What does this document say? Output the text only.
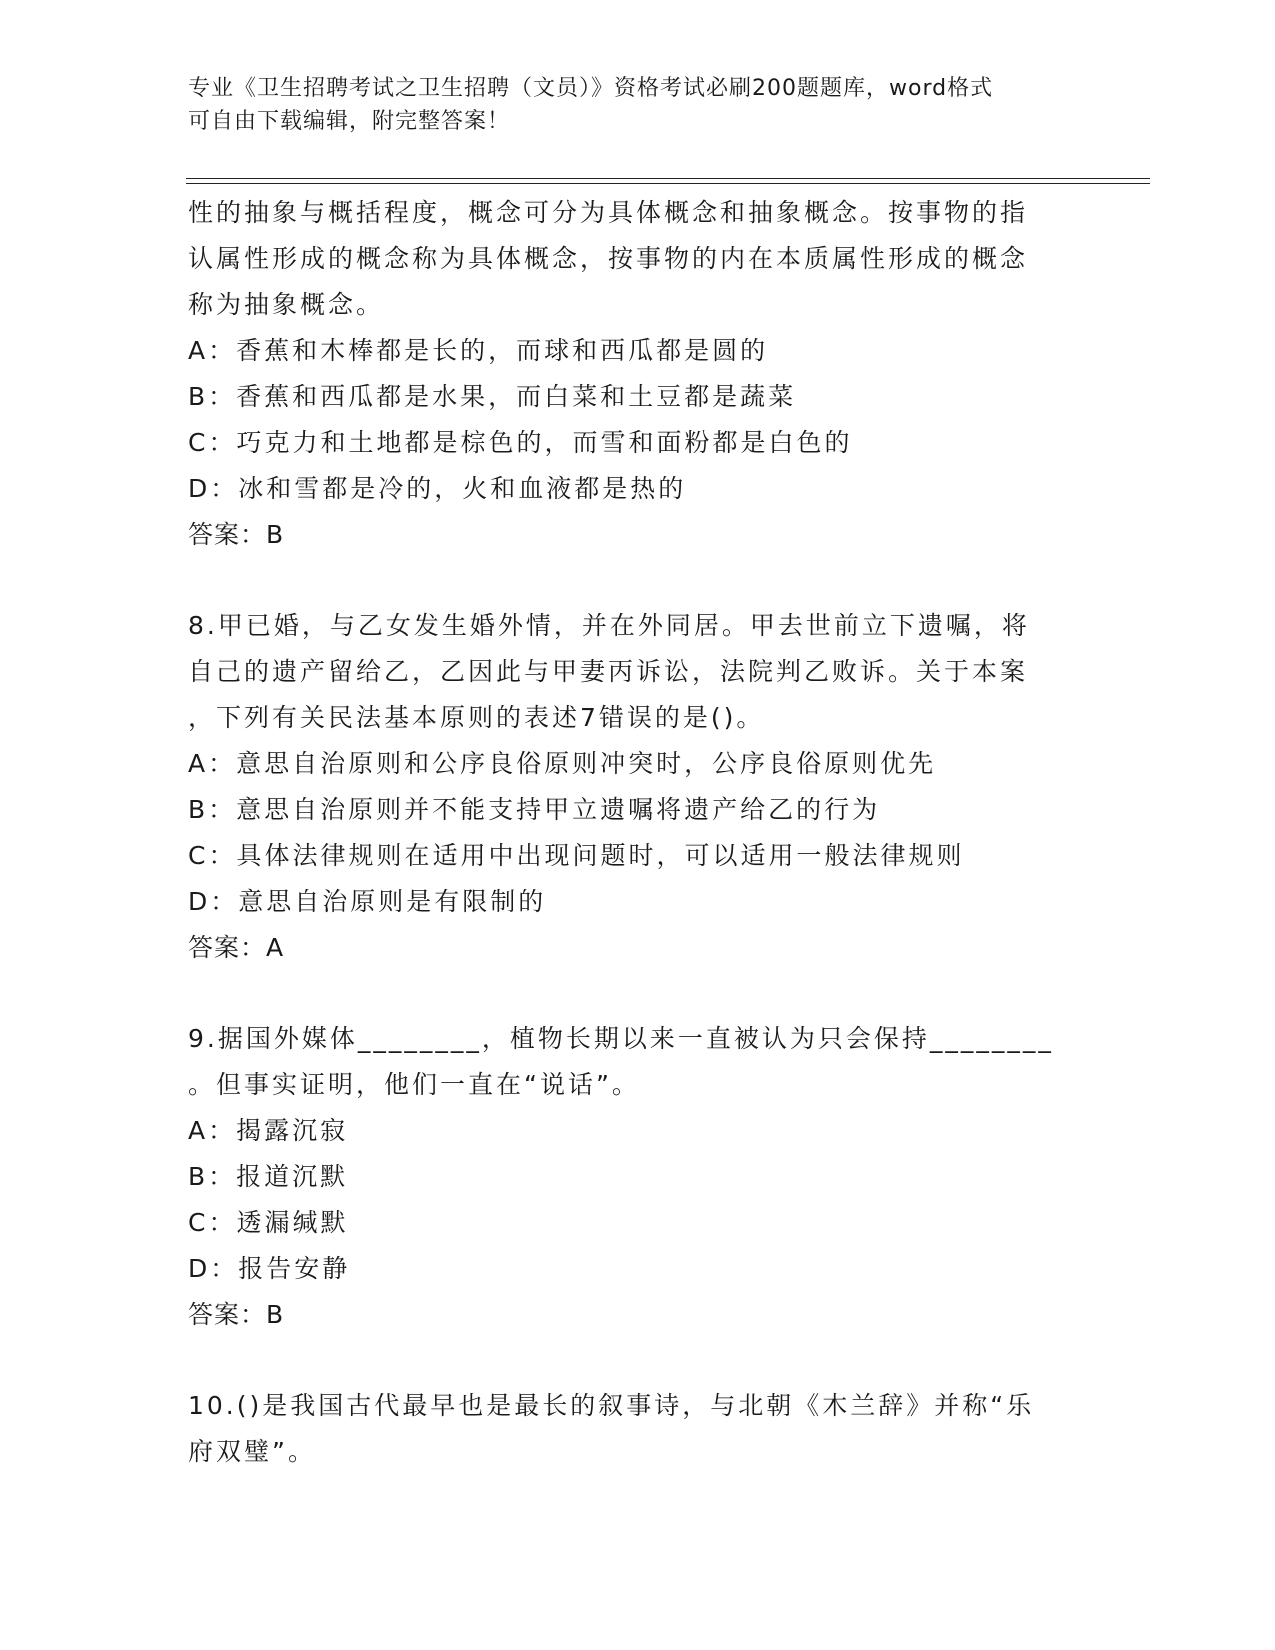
专业《卫生招聘考试之卫生招聘（文员）》资格考试必刷200题题库，word格式
可自由下载编辑，附完整答案！
性的抽象与概括程度，概念可分为具体概念和抽象概念。按事物的指
认属性形成的概念称为具体概念，按事物的内在本质属性形成的概念
称为抽象概念。
A：香蕉和木棒都是长的，而球和西瓜都是圆的
B：香蕉和西瓜都是水果，而白菜和土豆都是蔬菜
C：巧克力和土地都是棕色的，而雪和面粉都是白色的
D：冰和雪都是冷的，火和血液都是热的
答案：B
8.甲已婚，与乙女发生婚外情，并在外同居。甲去世前立下遗嘱，将
自己的遗产留给乙，乙因此与甲妻丙诉讼，法院判乙败诉。关于本案
，下列有关民法基本原则的表述7错误的是()。
A：意思自治原则和公序良俗原则冲突时，公序良俗原则优先
B：意思自治原则并不能支持甲立遗嘱将遗产给乙的行为
C：具体法律规则在适用中出现问题时，可以适用一般法律规则
D：意思自治原则是有限制的
答案：A
9.据国外媒体________，植物长期以来一直被认为只会保持________
。但事实证明，他们一直在“说话”。
A：揭露沉寂
B：报道沉默
C：透漏缄默
D：报告安静
答案：B
10.()是我国古代最早也是最长的叙事诗，与北朝《木兰辞》并称“乐
府双璧”。
